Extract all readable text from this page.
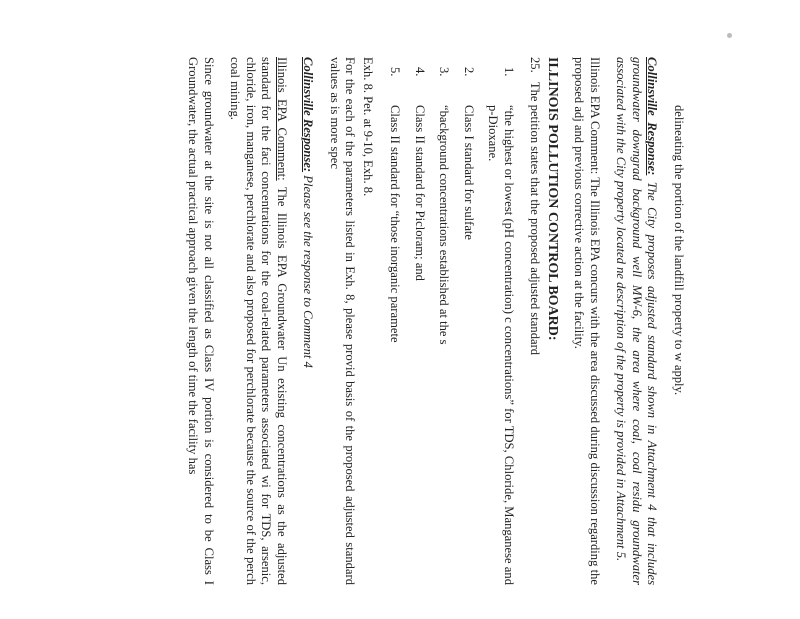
delineating the portion of the landfill property to w apply.

Collinsville Response: The City proposes adjusted standard shown in Attachment 4 that includes groundwater downgrad background well MW-6, the area where coal, coal residu groundwater associated with the City property located ne description of the property is provided in Attachment 5.

Illinois EPA Comment: The Illinois EPA concurs with the area discussed during discussion regarding the proposed adj and previous corrective action at the facility.

ILLINOIS POLLUTION CONTROL BOARD:

25. The petition states that the proposed adjusted standard

1.
“the highest or lowest (pH concentration) c concentrations” for TDS, Chloride, Manganese and p-Dioxane.
2.
Class I standard for sulfate
3.
“background concentrations established at the s
4.
Class II standard for Picloram; and
5.
Class II standard for “those inorganic paramete

Exh. 8. Pet. at 9-10, Exh. 8.

For the each of the parameters listed in Exh. 8, please provid basis of the proposed adjusted standard values as is more spec

Collinsville Response: Please see the response to Comment 4

Illinois EPA Comment: The Illinois EPA Groundwater Un existing concentrations as the adjusted standard for the faci concentrations for the coal-related parameters associated wi for TDS, arsenic, chloride, iron, manganese, perchlorate and also proposed for perchlorate because the source of the perch coal mining.

Since groundwater at the site is not all classified as Class IV portion is considered to be Class I Groundwater, the actual practical approach given the length of time the facility has
